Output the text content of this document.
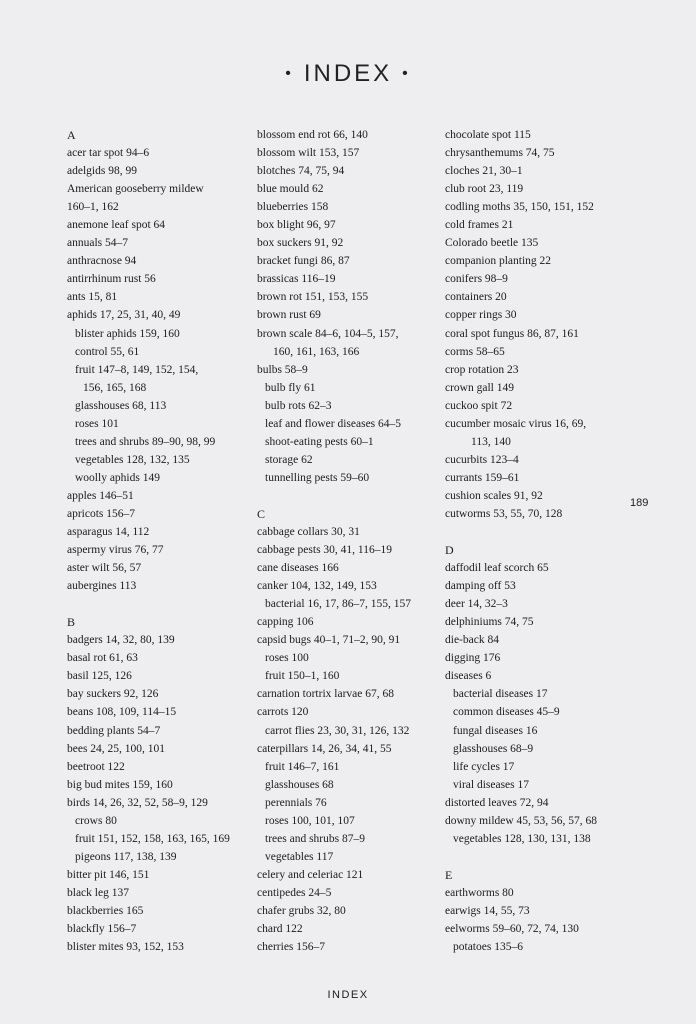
• INDEX •
A
acer tar spot 94–6
adelgids 98, 99
American gooseberry mildew
160–1, 162
anemone leaf spot 64
annuals 54–7
anthracnose 94
antirrhinum rust 56
ants 15, 81
aphids 17, 25, 31, 40, 49
blister aphids 159, 160
control 55, 61
fruit 147–8, 149, 152, 154,
156, 165, 168
glasshouses 68, 113
roses 101
trees and shrubs 89–90, 98, 99
vegetables 128, 132, 135
woolly aphids 149
apples 146–51
apricots 156–7
asparagus 14, 112
aspermy virus 76, 77
aster wilt 56, 57
aubergines 113
B
badgers 14, 32, 80, 139
basal rot 61, 63
basil 125, 126
bay suckers 92, 126
beans 108, 109, 114–15
bedding plants 54–7
bees 24, 25, 100, 101
beetroot 122
big bud mites 159, 160
birds 14, 26, 32, 52, 58–9, 129
crows 80
fruit 151, 152, 158, 163, 165, 169
pigeons 117, 138, 139
bitter pit 146, 151
black leg 137
blackberries 165
blackfly 156–7
blister mites 93, 152, 153
blossom end rot 66, 140
blossom wilt 153, 157
blotches 74, 75, 94
blue mould 62
blueberries 158
box blight 96, 97
box suckers 91, 92
bracket fungi 86, 87
brassicas 116–19
brown rot 151, 153, 155
brown rust 69
brown scale 84–6, 104–5, 157,
160, 161, 163, 166
bulbs 58–9
bulb fly 61
bulb rots 62–3
leaf and flower diseases 64–5
shoot-eating pests 60–1
storage 62
tunnelling pests 59–60
C
cabbage collars 30, 31
cabbage pests 30, 41, 116–19
cane diseases 166
canker 104, 132, 149, 153
bacterial 16, 17, 86–7, 155, 157
capping 106
capsid bugs 40–1, 71–2, 90, 91
roses 100
fruit 150–1, 160
carnation tortrix larvae 67, 68
carrots 120
carrot flies 23, 30, 31, 126, 132
caterpillars 14, 26, 34, 41, 55
fruit 146–7, 161
glasshouses 68
perennials 76
roses 100, 101, 107
trees and shrubs 87–9
vegetables 117
celery and celeriac 121
centipedes 24–5
chafer grubs 32, 80
chard 122
cherries 156–7
chocolate spot 115
chrysanthemums 74, 75
cloches 21, 30–1
club root 23, 119
codling moths 35, 150, 151, 152
cold frames 21
Colorado beetle 135
companion planting 22
conifers 98–9
containers 20
copper rings 30
coral spot fungus 86, 87, 161
corms 58–65
crop rotation 23
crown gall 149
cuckoo spit 72
cucumber mosaic virus 16, 69,
113, 140
cucurbits 123–4
currants 159–61
cushion scales 91, 92
cutworms 53, 55, 70, 128
D
daffodil leaf scorch 65
damping off 53
deer 14, 32–3
delphiniums 74, 75
die-back 84
digging 176
diseases 6
bacterial diseases 17
common diseases 45–9
fungal diseases 16
glasshouses 68–9
life cycles 17
viral diseases 17
distorted leaves 72, 94
downy mildew 45, 53, 56, 57, 68
vegetables 128, 130, 131, 138
E
earthworms 80
earwigs 14, 55, 73
eelworms 59–60, 72, 74, 130
potatoes 135–6
189
INDEX
